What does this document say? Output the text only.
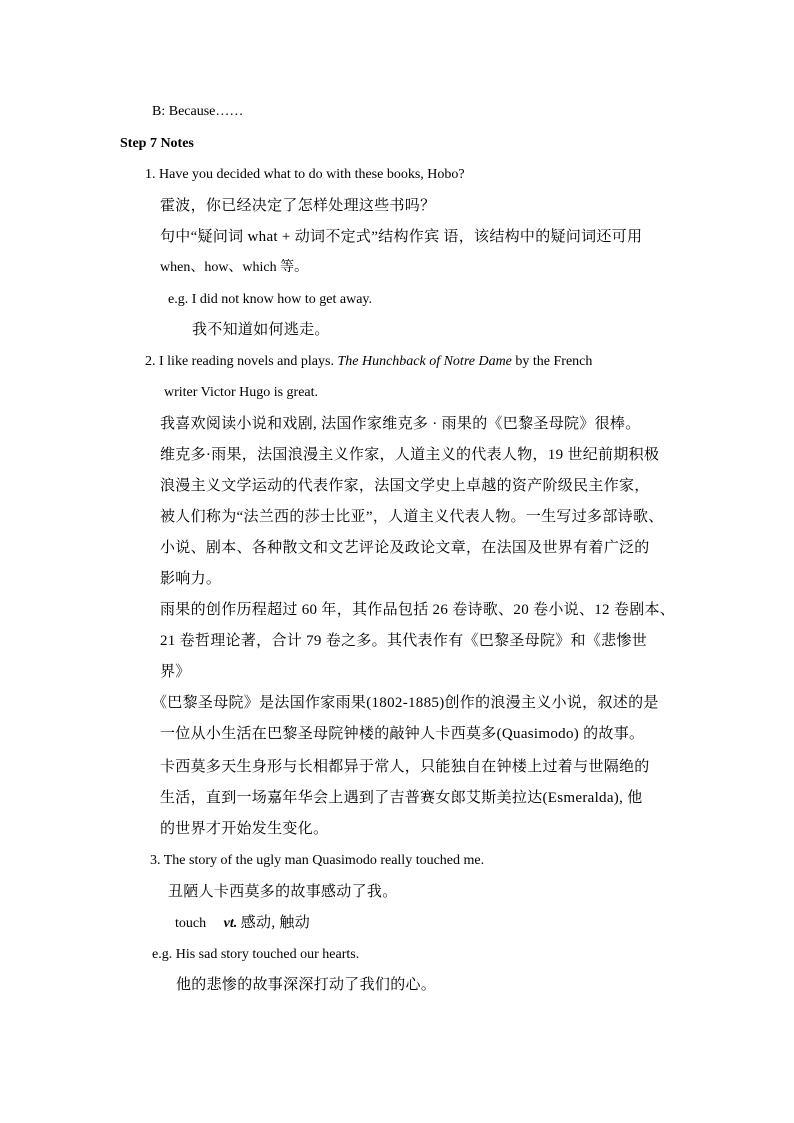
B: Because……
Step 7 Notes
1. Have you decided what to do with these books, Hobo?
霍波，你已经决定了怎样处理这些书吗？
句中“疑问词 what + 动词不定式”结构作宾 语，该结构中的疑问词还可用
when、how、which 等。
e.g. I did not know how to get away.
我不知道如何逃走。
2. I like reading novels and plays. The Hunchback of Notre Dame by the French
writer Victor Hugo is great.
我喜欢阅读小说和戏剧, 法国作家维克多 · 雨果的《巴黎圣母院》很棒。
维克多·雨果，法国浪漫主义作家，人道主义的代表人物，19 世纪前期积极
浪漫主义文学运动的代表作家，法国文学史上卓越的资产阶级民主作家，
被人们称为“法兰西的莎士比亚”，人道主义代表人物。一生写过多部诗歌、
小说、剧本、各种散文和文艺评论及政论文章，在法国及世界有着广泛的
影响力。
雨果的创作历程超过 60 年，其作品包括 26 卷诗歌、20 卷小说、12 卷剧本、
21 卷哲理论著，合计 79 卷之多。其代表作有《巴黎圣母院》和《悲惨世
界》
《巴黎圣母院》是法国作家雨果(1802-1885)创作的浪漫主义小说，叙述的是
一位从小生活在巴黎圣母院钟楼的敲钟人卡西莫多(Quasimodo) 的故事。
卡西莫多天生身形与长相都异于常人，只能独自在钟楼上过着与世隔绝的
生活，直到一场嘉年华会上遇到了吉普赛女郎艾斯美拉达(Esmeralda), 他
的世界才开始发生变化。
3. The story of the ugly man Quasimodo really touched me.
丑陋人卡西莫多的故事感动了我。
touch vt. 感动, 触动
e.g. His sad story touched our hearts.
他的悲惨的故事深深打动了我们的心。
